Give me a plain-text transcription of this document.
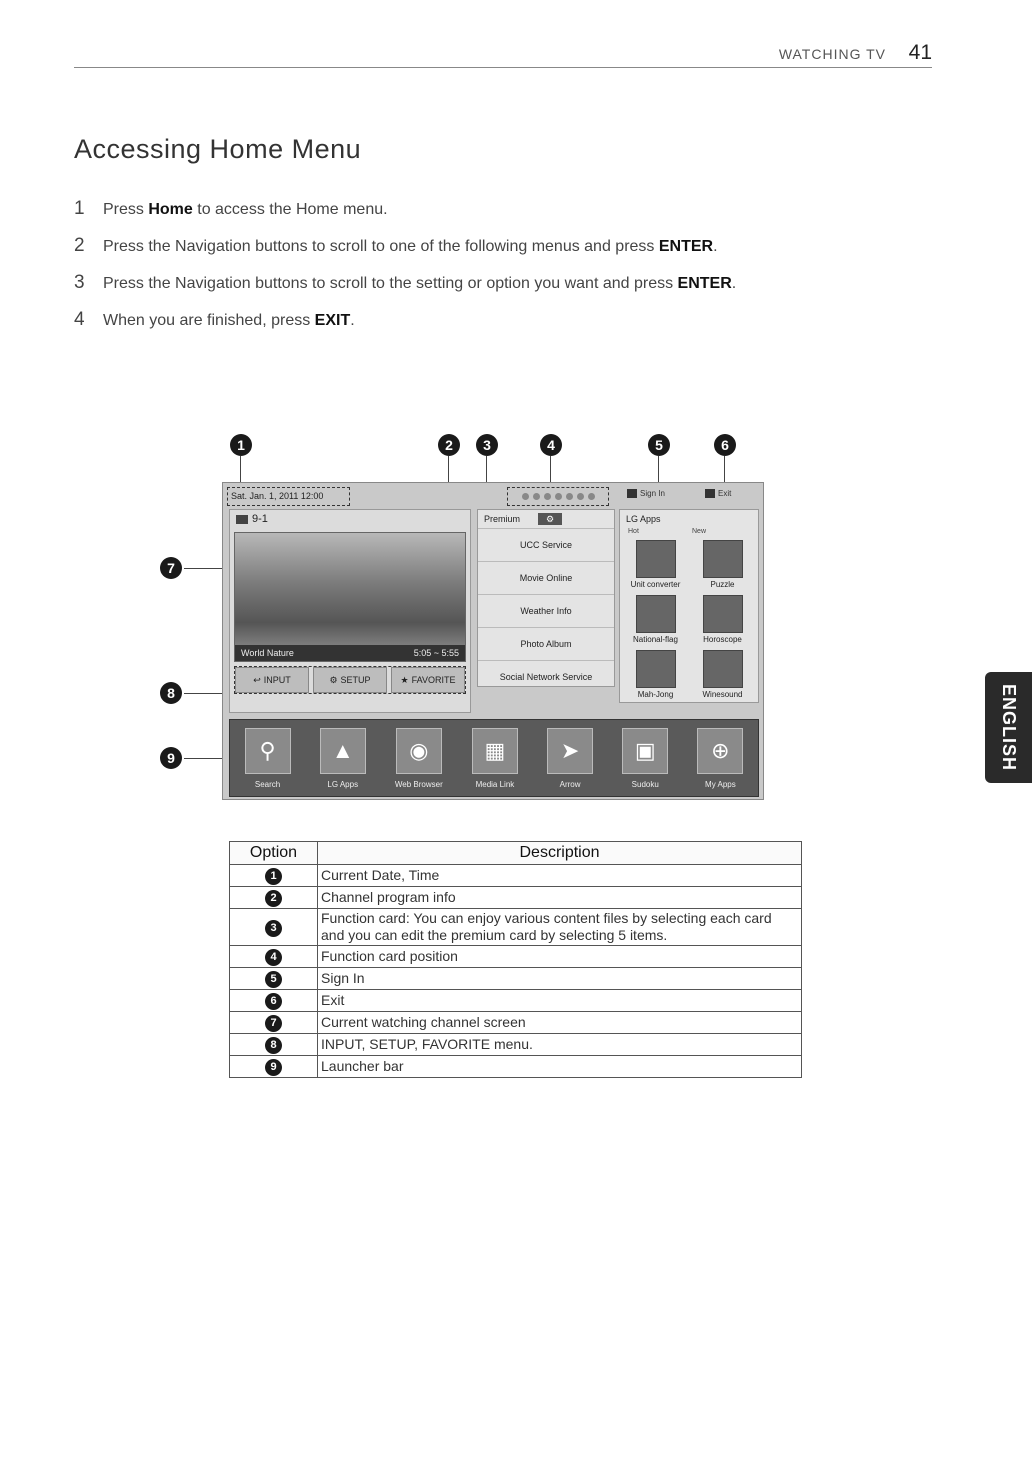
WATCHING TV 41
Accessing Home Menu
1	Press Home to access the Home menu.
2	Press the Navigation buttons to scroll to one of the following menus and press ENTER.
3	Press the Navigation buttons to scroll to the setting or option you want and press ENTER.
4	When you are finished, press EXIT.
1	2	3	4	5	6
7
8
9
Sat. Jan. 1, 2011 12:00	Sign In	Exit
9-1
World Nature	5:05 ~ 5:55
↩ INPUT	⚙ SETUP	★ FAVORITE
Premium	⚙
UCC Service
Movie Online
Weather Info
Photo Album
Social Network Service
LG Apps
Hot	New
Unit converter	Puzzle
National-flag	Horoscope
Mah-Jong	Winesound
⚲
Search
▲
LG Apps
◉
Web Browser
▦
Media Link
➤
Arrow
▣
Sudoku
⊕
My Apps
Option	Description
1	Current Date, Time
2	Channel program info
3	Function card: You can enjoy various content files by selecting each card and you can edit the premium card by selecting 5 items.
4	Function card position
5	Sign In
6	Exit
7	Current watching channel screen
8	INPUT, SETUP, FAVORITE menu.
9	Launcher bar
ENGLISH
